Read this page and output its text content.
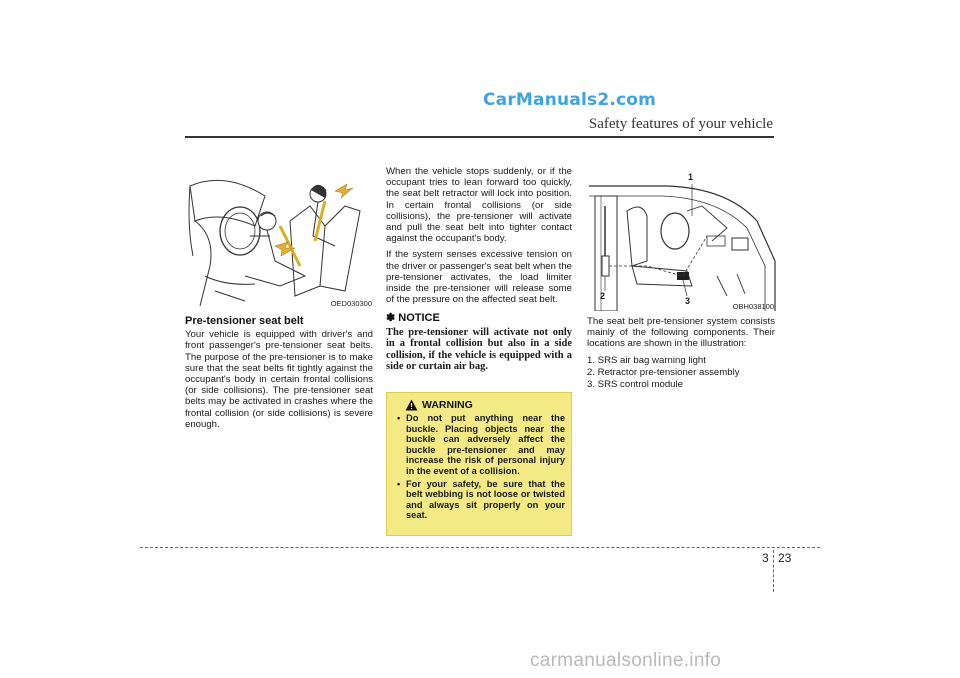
CarManuals2.com
Safety features of your vehicle
OED030300
1
2	3
OBH038100
Pre-tensioner seat belt

Your vehicle is equipped with driver's and front passenger's pre-tensioner seat belts. The purpose of the pre-tensioner is to make sure that the seat belts fit tightly against the occupant's body in certain frontal collisions (or side collisions). The pre-tensioner seat belts may be activated in crashes where the frontal collision (or side collisions) is severe enough.

When the vehicle stops suddenly, or if the occupant tries to lean forward too quickly, the seat belt retractor will lock into position. In certain frontal collisions (or side collisions), the pre-tensioner will activate and pull the seat belt into tighter contact against the occupant's body.

If the system senses excessive tension on the driver or passenger's seat belt when the pre-tensioner activates, the load limiter inside the pre-tensioner will release some of the pressure on the affected seat belt.

✽ NOTICE
The pre-tensioner will activate not only in a frontal collision but also in a side collision, if the vehicle is equipped with a side or curtain air bag.
WARNING
• Do not put anything near the buckle. Placing objects near the buckle can adversely affect the buckle pre-tensioner and may increase the risk of personal injury in the event of a collision.
• For your safety, be sure that the belt webbing is not loose or twisted and always sit properly on your seat.

The seat belt pre-tensioner system consists mainly of the following components. Their locations are shown in the illustration:

1. SRS air bag warning light
2. Retractor pre-tensioner assembly
3. SRS control module
3 23
carmanualsonline.info
